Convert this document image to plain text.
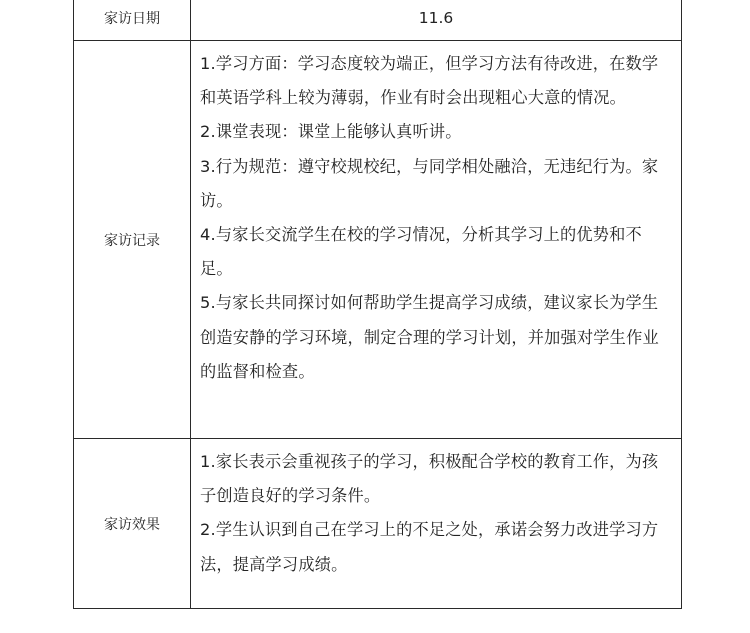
家访日期	11.6
家访记录	1.学习方面：学习态度较为端正，但学习方法有待改进，在数学和英语学科上较为薄弱，作业有时会出现粗心大意的情况。

2.课堂表现：课堂上能够认真听讲。

3.行为规范：遵守校规校纪，与同学相处融洽，无违纪行为。家访。

4.与家长交流学生在校的学习情况，分析其学习上的优势和不足。

5.与家长共同探讨如何帮助学生提高学习成绩，建议家长为学生创造安静的学习环境，制定合理的学习计划，并加强对学生作业的监督和检查。

家访效果	1.家长表示会重视孩子的学习，积极配合学校的教育工作，为孩子创造良好的学习条件。

2.学生认识到自己在学习上的不足之处，承诺会努力改进学习方法，提高学习成绩。
